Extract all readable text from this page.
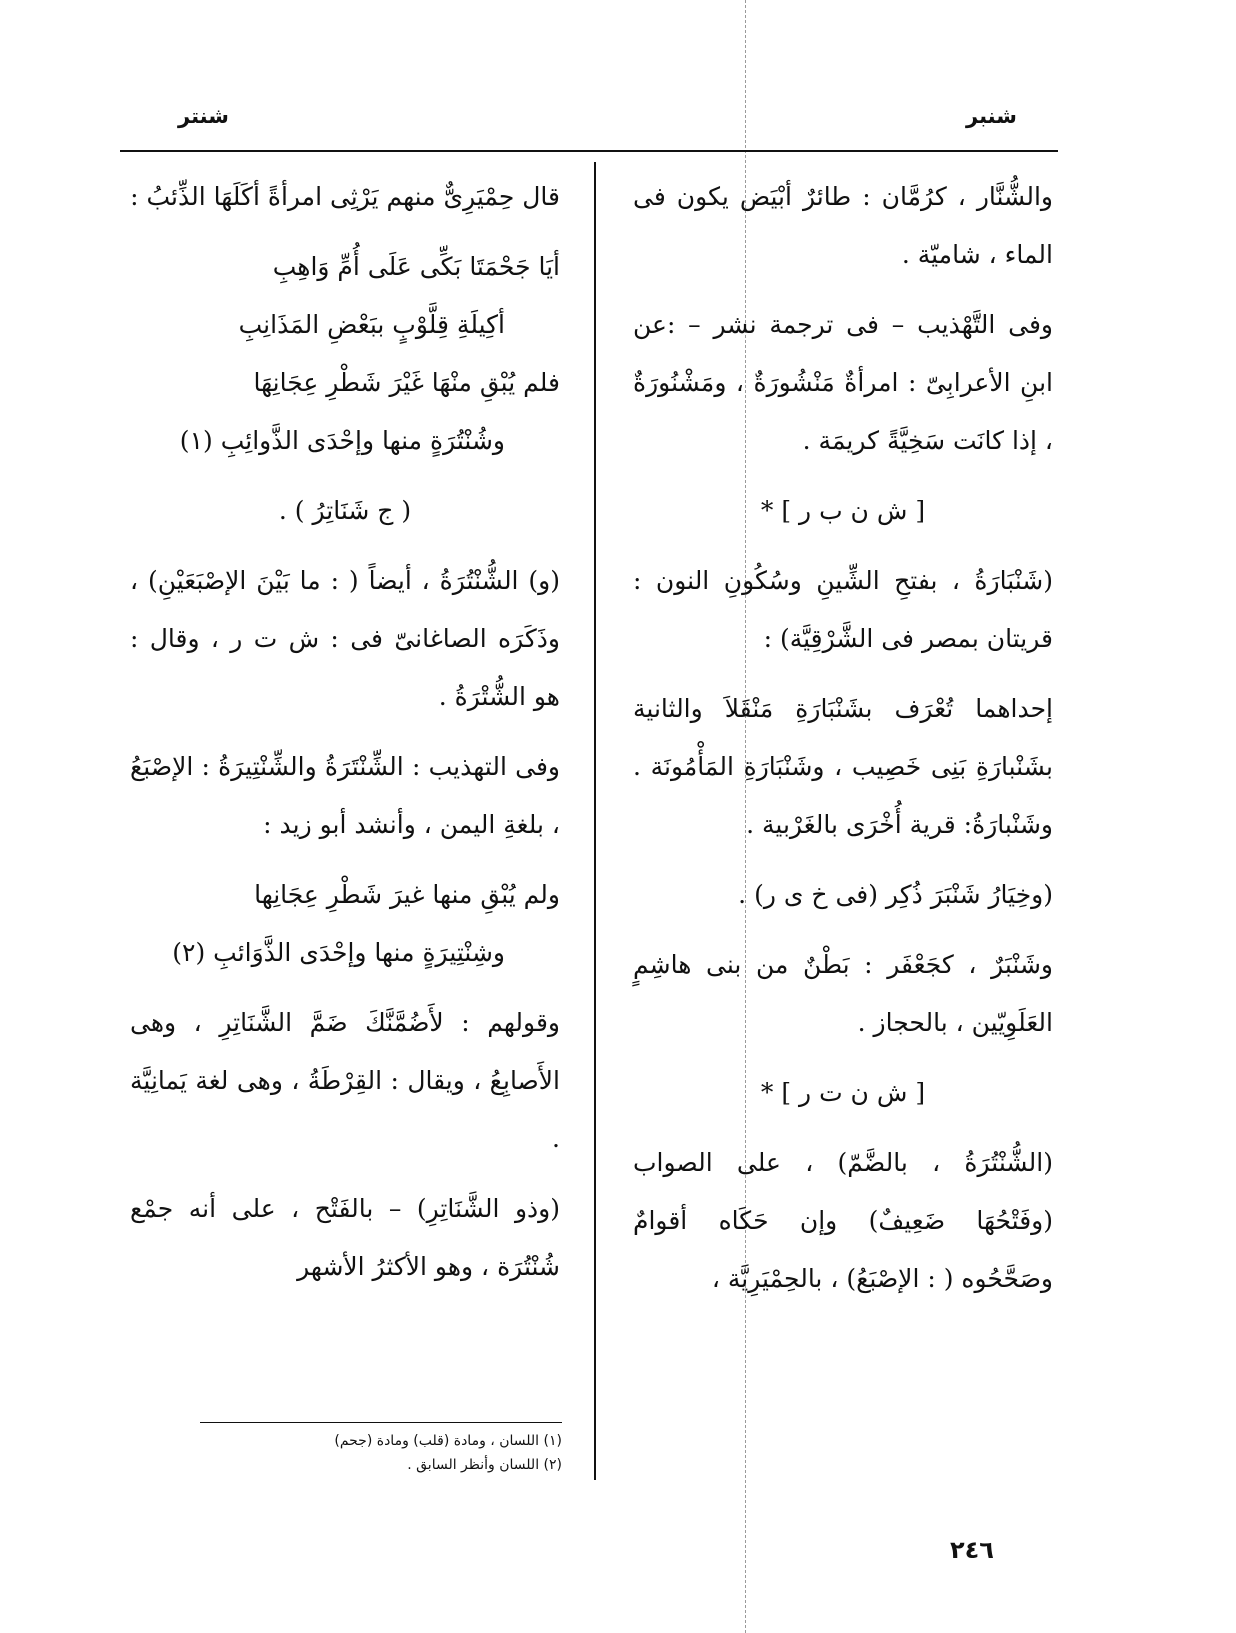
شنبر
شنتر

والشُّنَّار ، كرُمَّان : طائرٌ أبْيَض يكون فى الماء ، شاميّة .

وفى التَّهْذيب – فى ترجمة نشر – :عن ابنِ الأعرابِىّ : امرأةٌ مَنْشُورَةٌ ، ومَشْنُورَةٌ ، إذا كانَت سَخِيَّةً كريمَة .

[ ش ن ب ر ] *

(شَنْبَارَةُ ، بفتحِ الشِّينِ وسُكُونِ النون : قريتان بمصر فى الشَّرْقِيَّة) :

إحداهما تُعْرَف بشَنْبَارَةِ مَنْقَلاَ والثانية بشَنْبارَةِ بَنِى خَصِيب ، وشَنْبَارَةِ المَأْمُونَة . وشَنْبارَةُ: قرية أُخْرَى بالغَرْبية .

(وخِيَارُ شَنْبَرَ ذُكِر (فى خ ى ر) .

وشَنْبَرٌ ، كجَعْفَر : بَطْنٌ من بنى هاشِمٍ العَلَوِيّين ، بالحجاز .

[ ش ن ت ر ] *

(الشُّنْتُرَةُ ، بالضَّمّ) ، على الصواب (وفَتْحُهَا ضَعِيفٌ) وإن حَكَاه أقوامٌ وصَحَّحُوه ( : الإصْبَعُ) ، بالحِمْيَرِيَّة ،

قال حِمْيَرِىٌّ منهم يَرْثِى امرأةً أكَلَهَا الذِّئبُ :

أيَا جَحْمَتَا بَكِّى عَلَى أُمِّ وَاهِبِ

أكِيلَةِ قِلَّوْبٍ ببَعْضِ المَذَانِبِ

فلم يُبْقِ منْهَا غَيْرَ شَطْرِ عِجَانِهَا

وشُنْتُرَةٍ منها وإحْدَى الذَّوائِبِ (١)

( ج شَنَاتِرُ ) .

(و) الشُّنْتُرَةُ ، أيضاً ( : ما بَيْنَ الإصْبَعَيْنِ) ، وذَكَرَه الصاغانىّ فى : ش ت ر ، وقال : هو الشُّتْرَةُ .

وفى التهذيب : الشِّنْتَرَةُ والشِّنْتِيرَةُ : الإصْبَعُ ، بلغةِ اليمن ، وأنشد أبو زيد :

ولم يُبْقِ منها غيرَ شَطْرِ عِجَانِها

وشِنْتِيرَةٍ منها وإحْدَى الذَّوَائبِ (٢)

وقولهم : لأَضُمَّنَّكَ ضَمَّ الشَّنَاتِرِ ، وهى الأَصابِعُ ، ويقال : القِرْطَةُ ، وهى لغة يَمانِيَّة .

(وذو الشَّنَاتِرِ) – بالفَتْح ، على أنه جمْع شُنْتُرَة ، وهو الأكثرُ الأشهر

(١) اللسان ، ومادة (قلب) ومادة (جحم)
(٢) اللسان وأنظر السابق .
٢٤٦
